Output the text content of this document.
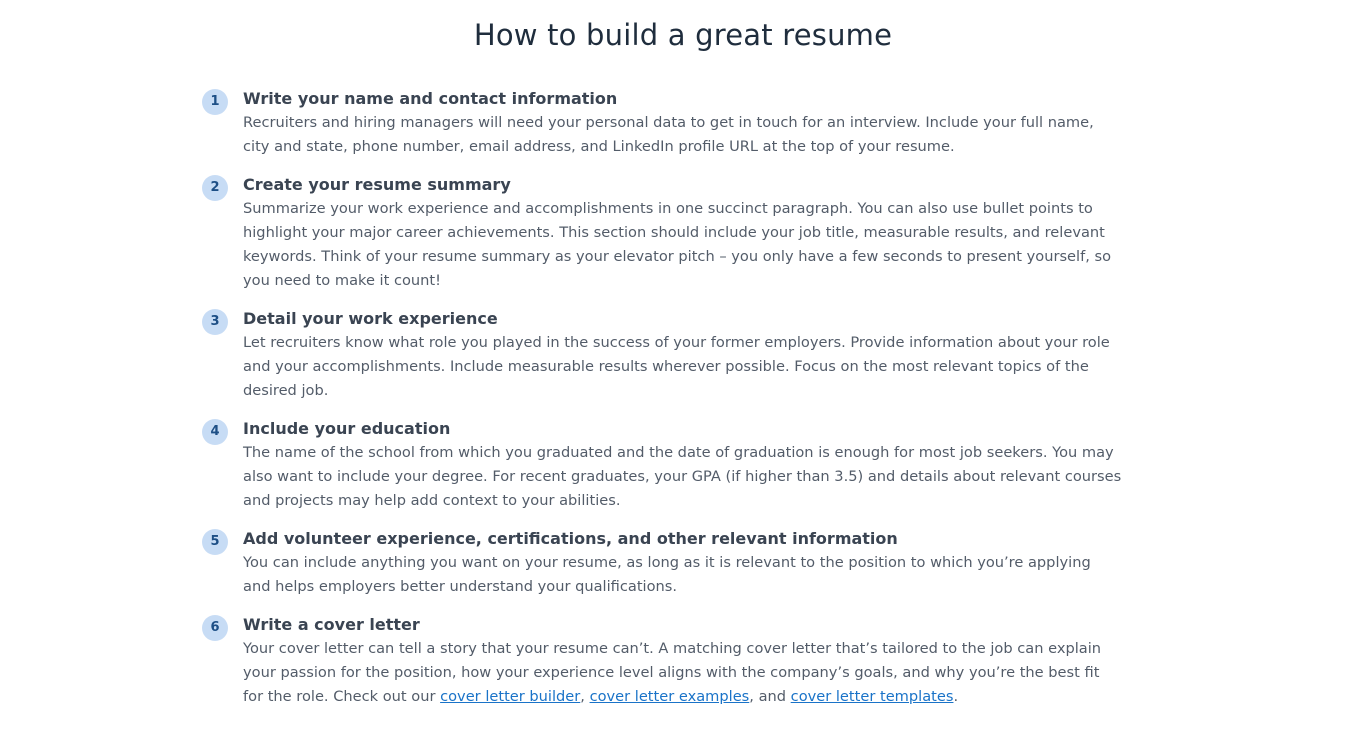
How to build a great resume
1	Write your name and contact information

Recruiters and hiring managers will need your personal data to get in touch for an interview. Include your full name, city and state, phone number, email address, and LinkedIn profile URL at the top of your resume.

2	Create your resume summary

Summarize your work experience and accomplishments in one succinct paragraph. You can also use bullet points to highlight your major career achievements. This section should include your job title, measurable results, and relevant keywords. Think of your resume summary as your elevator pitch – you only have a few seconds to present yourself, so you need to make it count!

3	Detail your work experience

Let recruiters know what role you played in the success of your former employers. Provide information about your role and your accomplishments. Include measurable results wherever possible. Focus on the most relevant topics of the desired job.

4	Include your education

The name of the school from which you graduated and the date of graduation is enough for most job seekers. You may also want to include your degree. For recent graduates, your GPA (if higher than 3.5) and details about relevant courses and projects may help add context to your abilities.

5	Add volunteer experience, certifications, and other relevant information

You can include anything you want on your resume, as long as it is relevant to the position to which you’re applying and helps employers better understand your qualifications.

6	Write a cover letter

Your cover letter can tell a story that your resume can’t. A matching cover letter that’s tailored to the job can explain your passion for the position, how your experience level aligns with the company’s goals, and why you’re the best fit for the role. Check out our cover letter builder, cover letter examples, and cover letter templates.
